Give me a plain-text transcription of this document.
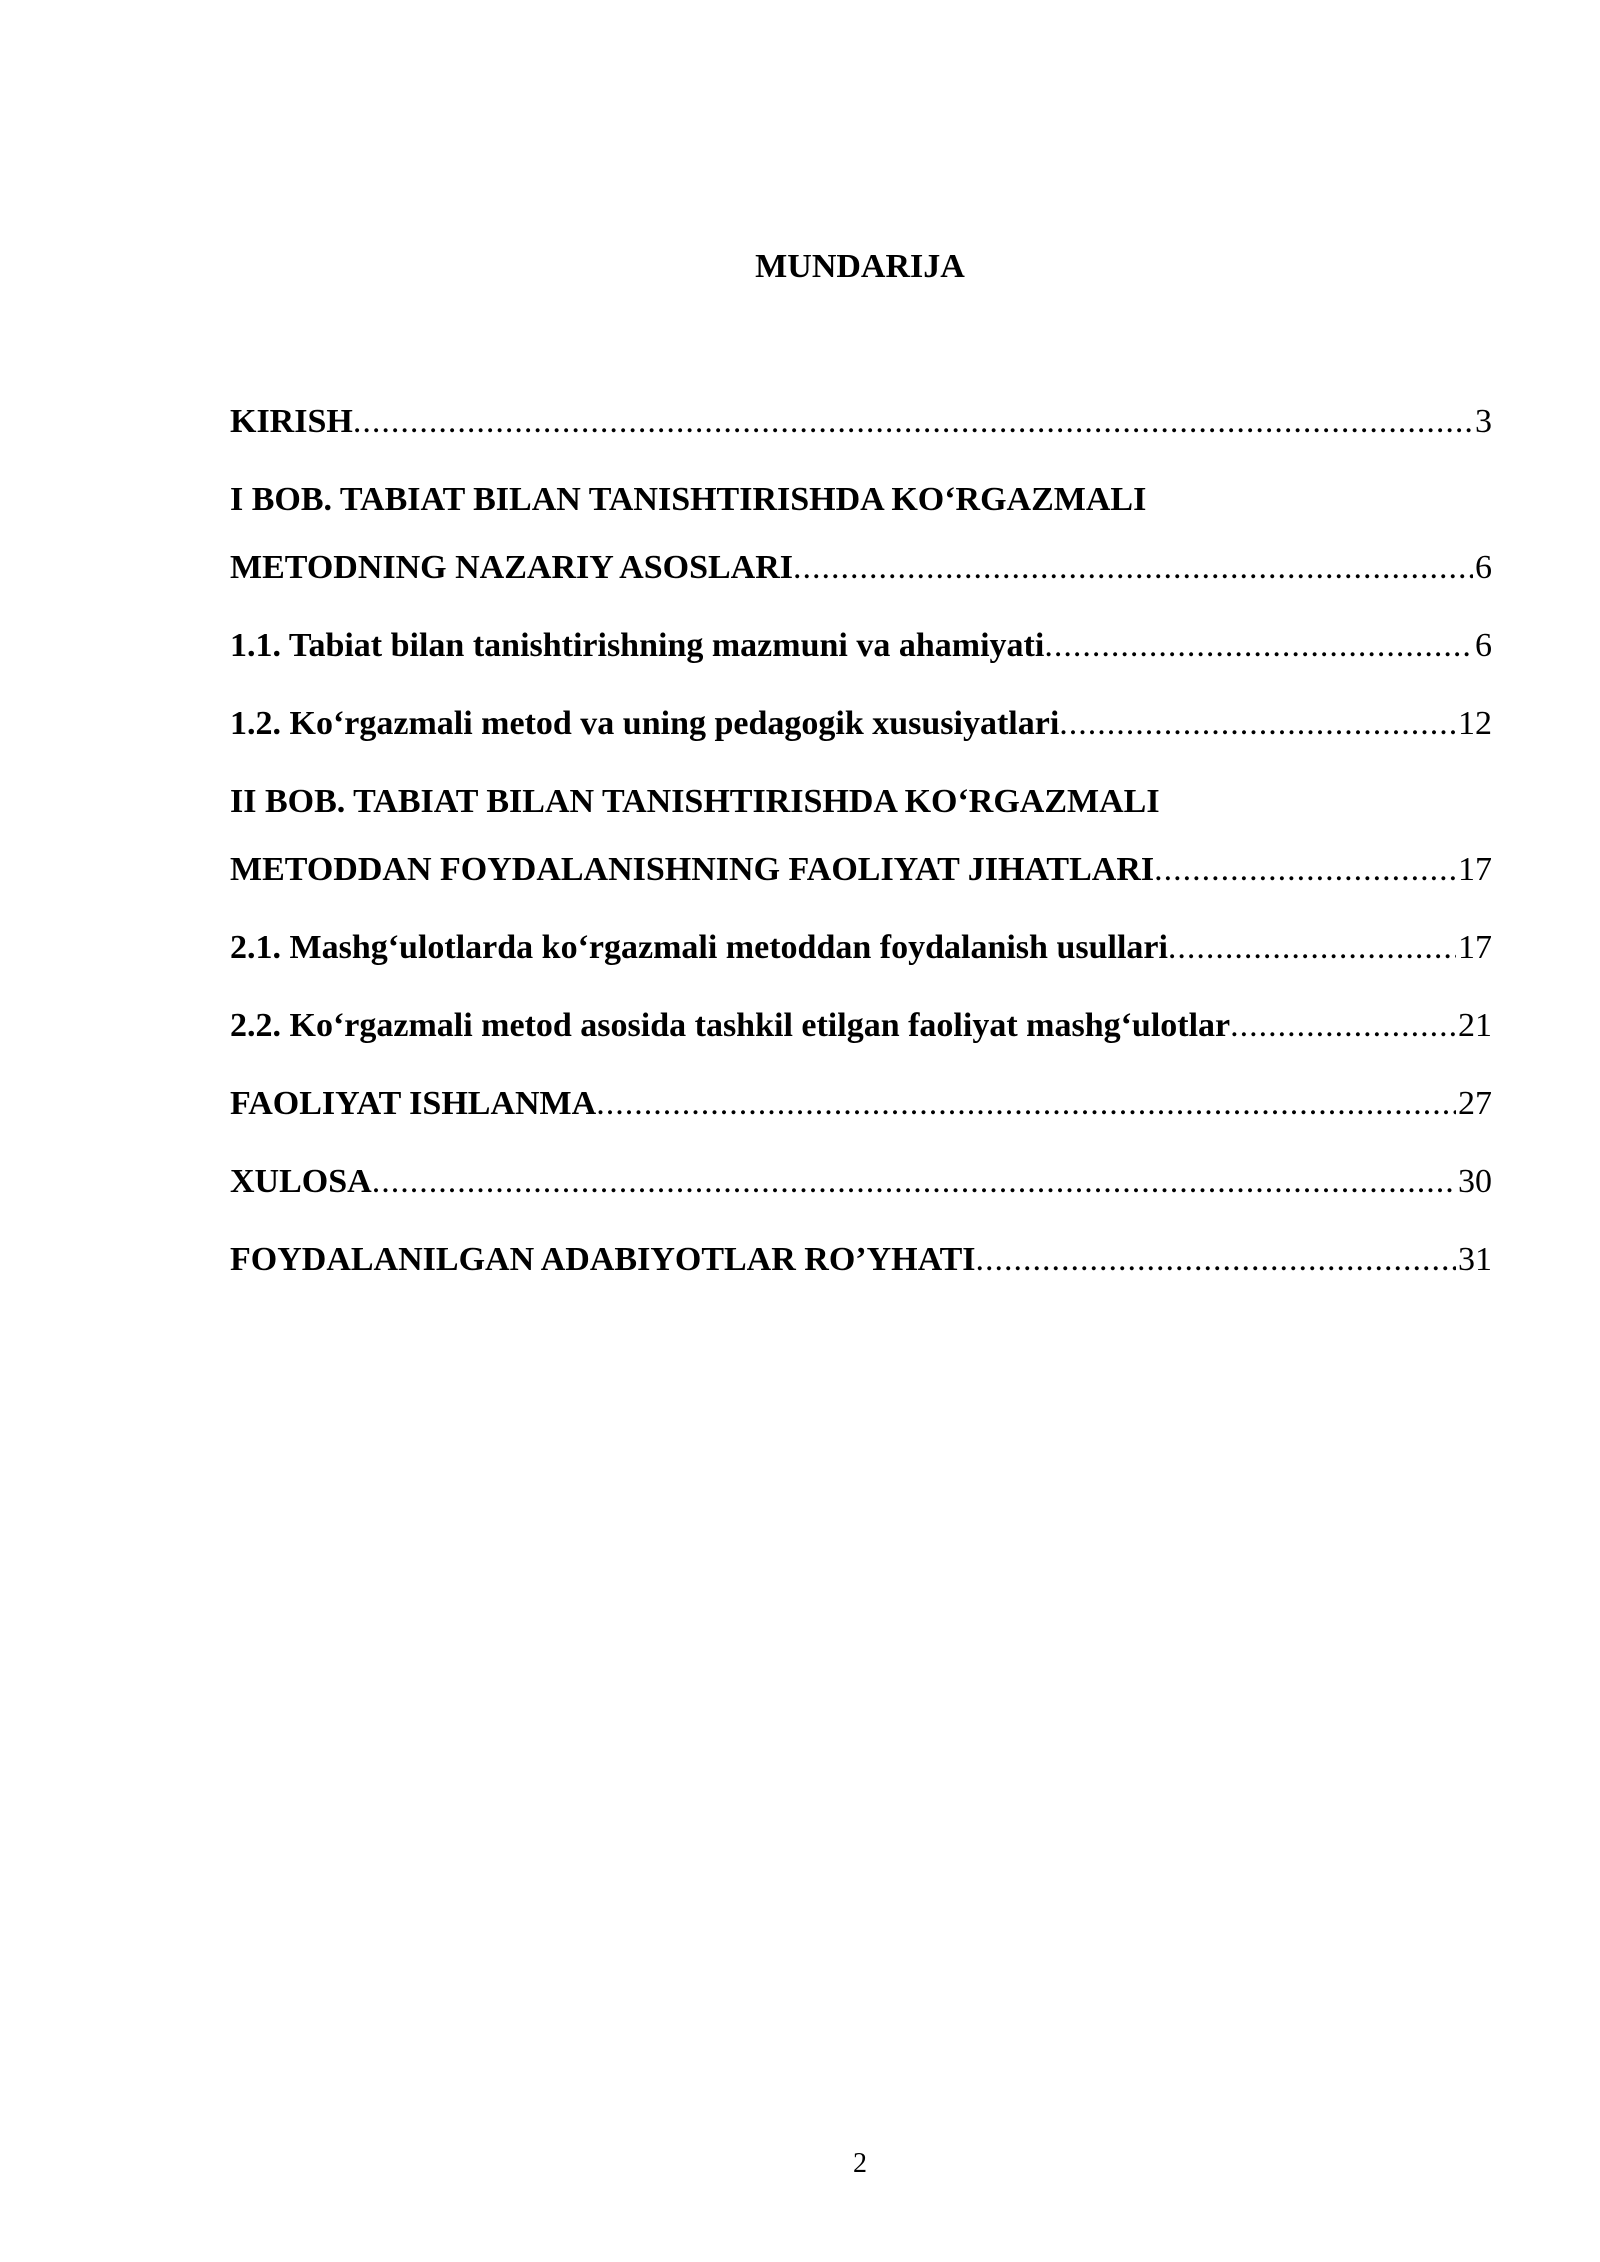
MUNDARIJA
KIRISH .....	3
I BOB. TABIAT BILAN TANISHTIRISHDA KO‘RGAZMALI
METODNING NAZARIY ASOSLARI .....	6
1.1. Tabiat bilan tanishtirishning mazmuni va ahamiyati .....	6
1.2. Ko‘rgazmali metod va uning pedagogik xususiyatlari .....	12
II BOB. TABIAT BILAN TANISHTIRISHDA KO‘RGAZMALI
METODDAN FOYDALANISHNING FAOLIYAT JIHATLARI .....	17
2.1. Mashg‘ulotlarda ko‘rgazmali metoddan foydalanish usullari .....	17
2.2. Ko‘rgazmali metod asosida tashkil etilgan faoliyat mashg‘ulotlar .....	21
FAOLIYAT ISHLANMA .....	27
XULOSA .....	30
FOYDALANILGAN ADABIYOTLAR RO’YHATI .....	31
2
